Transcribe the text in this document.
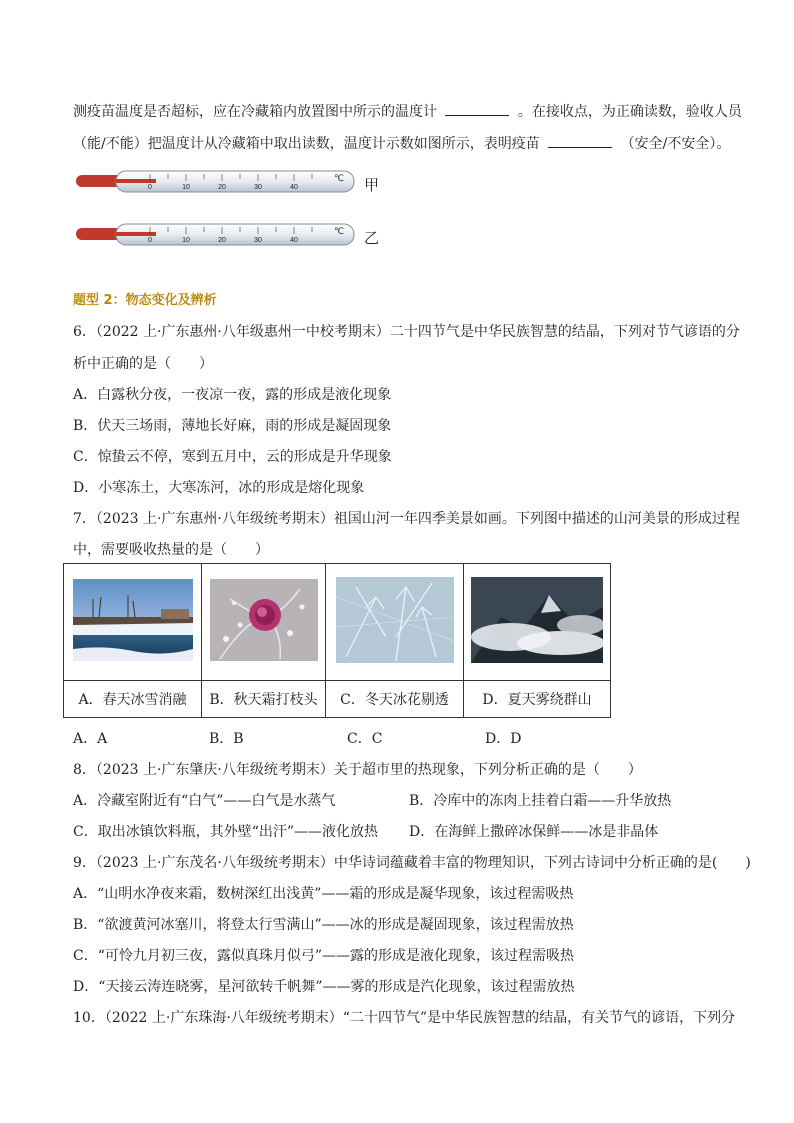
测疫苗温度是否超标，应在冷藏箱内放置图中所示的温度计	。在接收点，为正确读数，验收人员
（能/不能）把温度计从冷藏箱中取出读数，温度计示数如图所示，表明疫苗	（安全/不安全）。
0	10	20	30	40
℃ 甲
0	10	20	30	40
℃ 乙
题型 2：物态变化及辨析
6．（2022 上·广东惠州·八年级惠州一中校考期末）二十四节气是中华民族智慧的结晶，下列对节气谚语的分
析中正确的是（　　）
A．白露秋分夜，一夜凉一夜，露的形成是液化现象
B．伏天三场雨，薄地长好麻，雨的形成是凝固现象
C．惊蛰云不停，寒到五月中，云的形成是升华现象
D．小寒冻土，大寒冻河，冰的形成是熔化现象
7．（2023 上·广东惠州·八年级统考期末）祖国山河一年四季美景如画。下列图中描述的山河美景的形成过程
中，需要吸收热量的是（　　）

A．春天冰雪消融	B．秋天霜打枝头	C．冬天冰花剔透	D．夏天雾绕群山
A．A	B．B	C．C	D．D
8．（2023 上·广东肇庆·八年级统考期末）关于超市里的热现象，下列分析正确的是（　　）
A．冷藏室附近有“白气”——白气是水蒸气	B．冷库中的冻肉上挂着白霜——升华放热
C．取出冰镇饮料瓶，其外壁“出汗”——液化放热 D．在海鲜上撒碎冰保鲜——冰是非晶体
9．（2023 上·广东茂名·八年级统考期末）中华诗词蕴藏着丰富的物理知识，下列古诗词中分析正确的是(　　)
A．“山明水净夜来霜，数树深红出浅黄”——霜的形成是凝华现象，该过程需吸热
B．“欲渡黄河冰塞川，将登太行雪满山”——冰的形成是凝固现象，该过程需放热
C．“可怜九月初三夜，露似真珠月似弓”——露的形成是液化现象，该过程需吸热
D．“天接云涛连晓雾，星河欲转千帆舞”——雾的形成是汽化现象，该过程需放热
10．（2022 上·广东珠海·八年级统考期末）“二十四节气”是中华民族智慧的结晶，有关节气的谚语，下列分
